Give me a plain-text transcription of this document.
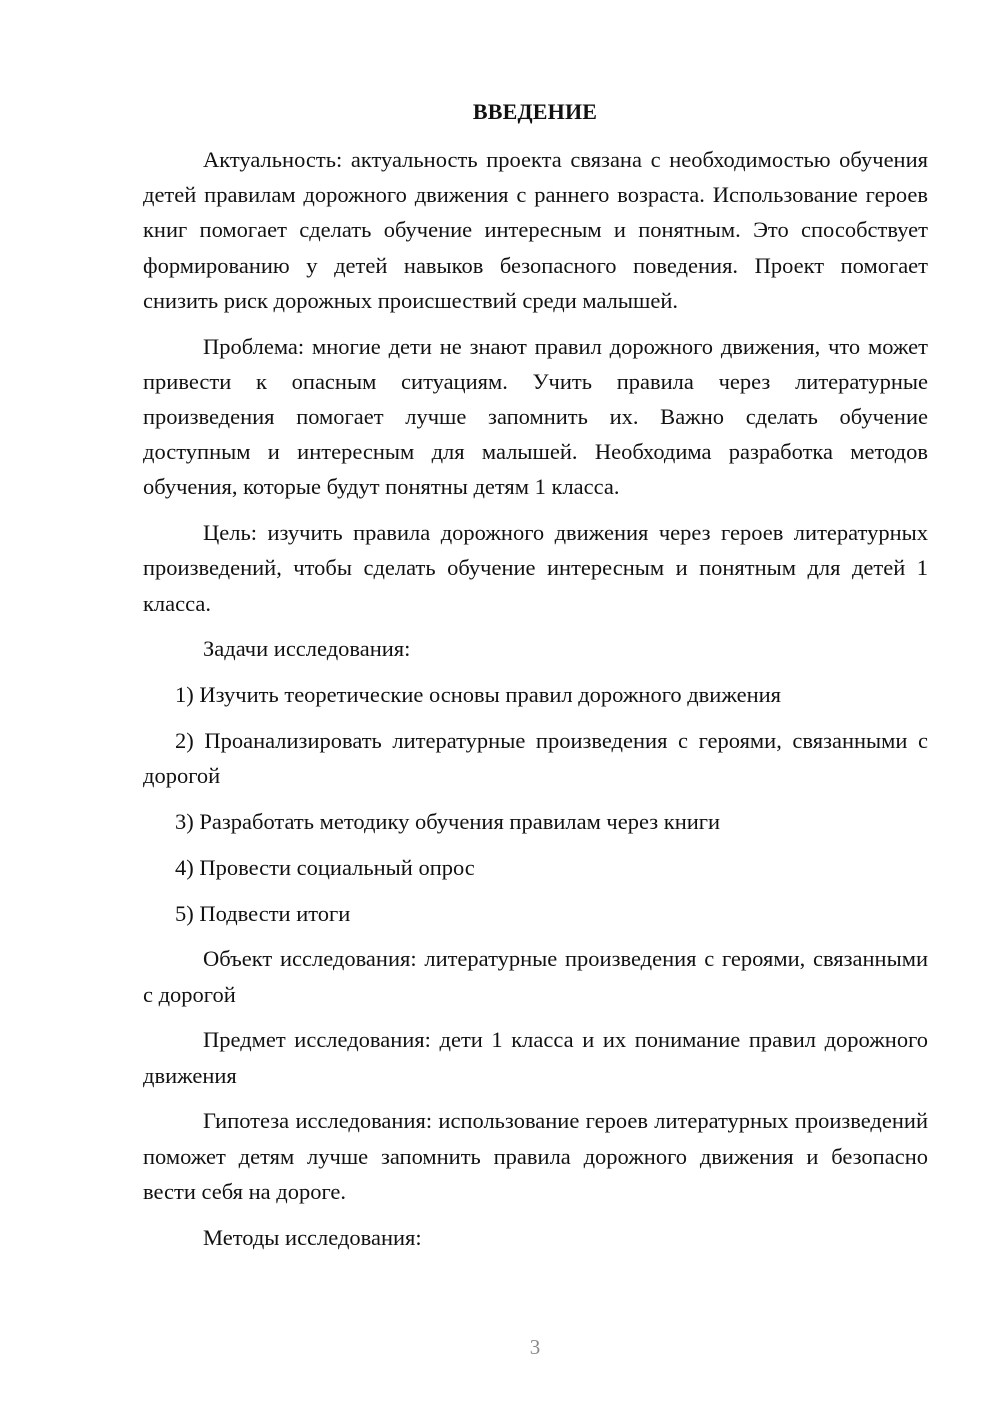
ВВЕДЕНИЕ

Актуальность: актуальность проекта связана с необходимостью обучения детей правилам дорожного движения с раннего возраста. Использование героев книг помогает сделать обучение интересным и понятным. Это способствует формированию у детей навыков безопасного поведения. Проект помогает снизить риск дорожных происшествий среди малышей.

Проблема: многие дети не знают правил дорожного движения, что может привести к опасным ситуациям. Учить правила через литературные произведения помогает лучше запомнить их. Важно сделать обучение доступным и интересным для малышей. Необходима разработка методов обучения, которые будут понятны детям 1 класса.

Цель: изучить правила дорожного движения через героев литературных произведений, чтобы сделать обучение интересным и понятным для детей 1 класса.

Задачи исследования:

1) Изучить теоретические основы правил дорожного движения

2) Проанализировать литературные произведения с героями, связанными с дорогой

3) Разработать методику обучения правилам через книги

4) Провести социальный опрос

5) Подвести итоги

Объект исследования: литературные произведения с героями, связанными с дорогой

Предмет исследования: дети 1 класса и их понимание правил дорожного движения

Гипотеза исследования: использование героев литературных произведений поможет детям лучше запомнить правила дорожного движения и безопасно вести себя на дороге.

Методы исследования:

3
